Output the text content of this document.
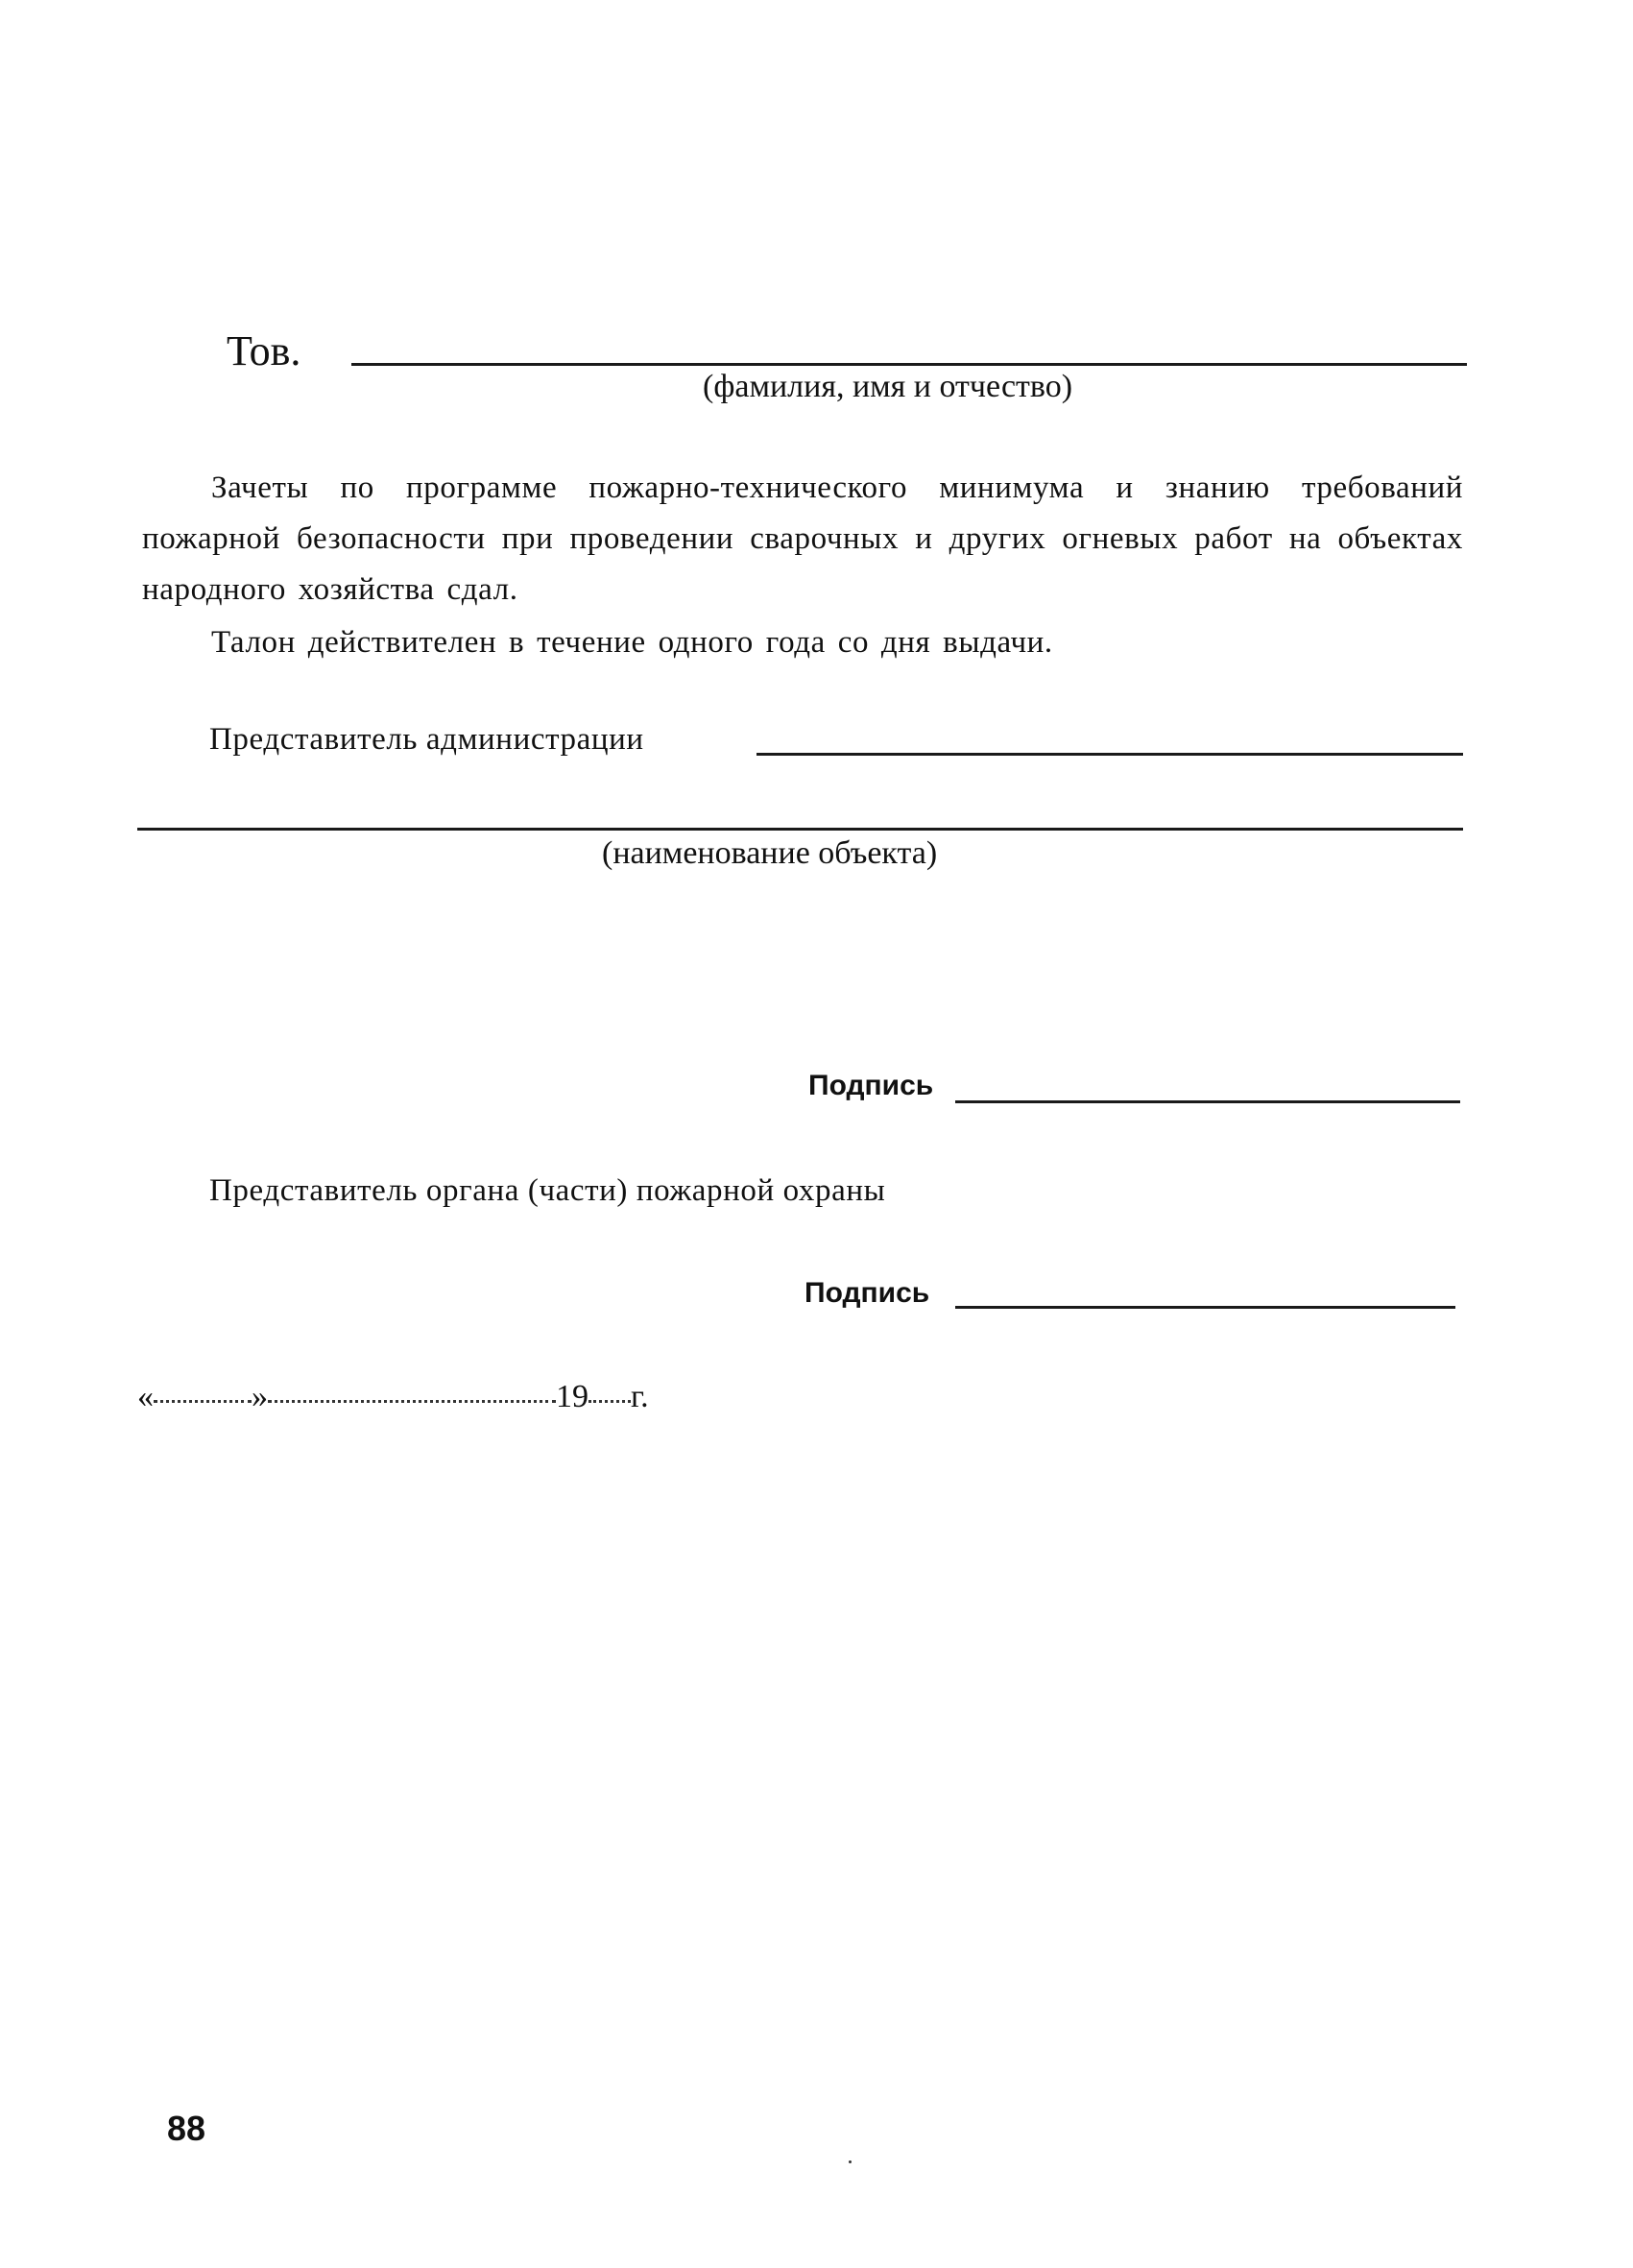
Тов.
(фамилия, имя и отчество)
Зачеты по программе пожарно-технического минимума и знанию требований пожарной безопасности при проведении сварочных и других огневых работ на объектах народного хозяйства сдал.
Талон действителен в течение одного года со дня выдачи.
Представитель администрации
(наименование объекта)
Подпись
Представитель органа (части) пожарной охраны
Подпись
«	»	19 г.
88
